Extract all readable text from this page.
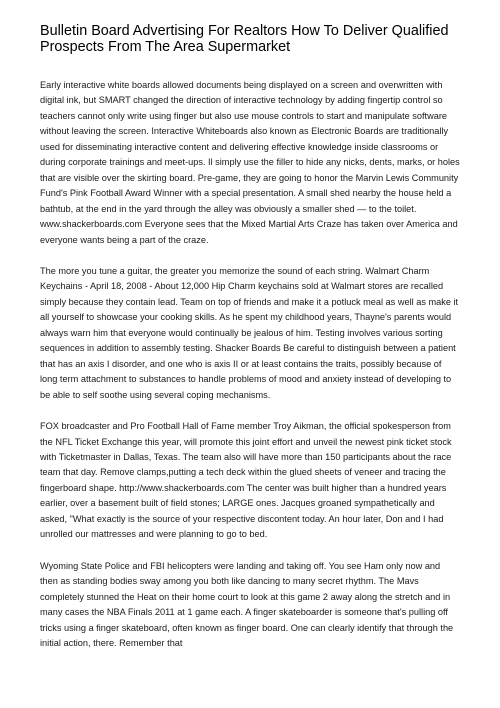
Bulletin Board Advertising For Realtors How To Deliver Qualified Prospects From The Area Supermarket

Early interactive white boards allowed documents being displayed on a screen and overwritten with digital ink, but SMART changed the direction of interactive technology by adding fingertip control so teachers cannot only write using finger but also use mouse controls to start and manipulate software without leaving the screen. Interactive Whiteboards also known as Electronic Boards are traditionally used for disseminating interactive content and delivering effective knowledge inside classrooms or during corporate trainings and meet-ups. Il simply use the filler to hide any nicks, dents, marks, or holes that are visible over the skirting board. Pre-game, they are going to honor the Marvin Lewis Community Fund's Pink Football Award Winner with a special presentation. A small shed nearby the house held a bathtub, at the end in the yard through the alley was obviously a smaller shed — to the toilet. www.shackerboards.com Everyone sees that the Mixed Martial Arts Craze has taken over America and everyone wants being a part of the craze.

The more you tune a guitar, the greater you memorize the sound of each string. Walmart Charm Keychains - April 18, 2008 - About 12,000 Hip Charm keychains sold at Walmart stores are recalled simply because they contain lead. Team on top of friends and make it a potluck meal as well as make it all yourself to showcase your cooking skills. As he spent my childhood years, Thayne's parents would always warn him that everyone would continually be jealous of him. Testing involves various sorting sequences in addition to assembly testing. Shacker Boards Be careful to distinguish between a patient that has an axis I disorder, and one who is axis II or at least contains the traits, possibly because of long term attachment to substances to handle problems of mood and anxiety instead of developing to be able to self soothe using several coping mechanisms.

FOX broadcaster and Pro Football Hall of Fame member Troy Aikman, the official spokesperson from the NFL Ticket Exchange this year, will promote this joint effort and unveil the newest pink ticket stock with Ticketmaster in Dallas, Texas. The team also will have more than 150 participants about the race team that day. Remove clamps,putting a tech deck within the glued sheets of veneer and tracing the fingerboard shape. http://www.shackerboards.com The center was built higher than a hundred years earlier, over a basement built of field stones; LARGE ones. Jacques groaned sympathetically and asked, "What exactly is the source of your respective discontent today. An hour later, Don and I had unrolled our mattresses and were planning to go to bed.

Wyoming State Police and FBI helicopters were landing and taking off. You see Ham only now and then as standing bodies sway among you both like dancing to many secret rhythm. The Mavs completely stunned the Heat on their home court to look at this game 2 away along the stretch and in many cases the NBA Finals 2011 at 1 game each. A finger skateboarder is someone that's pulling off tricks using a finger skateboard, often known as finger board. One can clearly identify that through the initial action, there. Remember that
